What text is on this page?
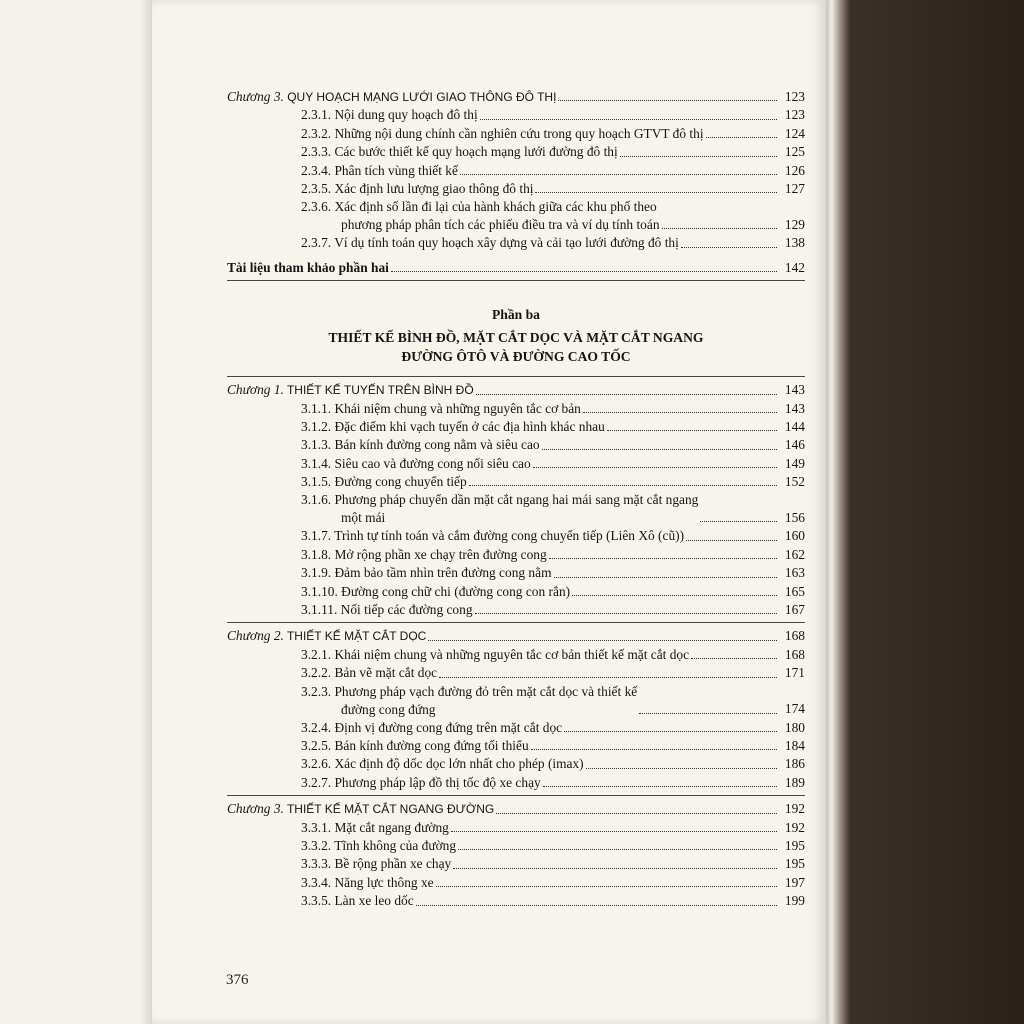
Chương 3. QUY HOẠCH MẠNG LƯỚI GIAO THÔNG ĐÔ THỊ	123
2.3.1. Nội dung quy hoạch đô thị	123
2.3.2. Những nội dung chính cần nghiên cứu trong quy hoạch GTVT đô thị	124
2.3.3. Các bước thiết kế quy hoạch mạng lưới đường đô thị	125
2.3.4. Phân tích vùng thiết kế	126
2.3.5. Xác định lưu lượng giao thông đô thị	127
2.3.6. Xác định số lần đi lại của hành khách giữa các khu phố theo
phương pháp phân tích các phiếu điều tra và ví dụ tính toán	129
2.3.7. Ví dụ tính toán quy hoạch xây dựng và cải tạo lưới đường đô thị	138
Tài liệu tham khảo phần hai	142
Phần ba
THIẾT KẾ BÌNH ĐỒ, MẶT CẮT DỌC VÀ MẶT CẮT NGANG
ĐƯỜNG ÔTÔ VÀ ĐƯỜNG CAO TỐC
Chương 1. THIẾT KẾ TUYẾN TRÊN BÌNH ĐỒ	143
3.1.1. Khái niệm chung và những nguyên tắc cơ bản	143
3.1.2. Đặc điểm khi vạch tuyến ở các địa hình khác nhau	144
3.1.3. Bán kính đường cong nằm và siêu cao	146
3.1.4. Siêu cao và đường cong nối siêu cao	149
3.1.5. Đường cong chuyển tiếp	152
3.1.6. Phương pháp chuyển dần mặt cắt ngang hai mái sang mặt cắt ngang
một mái	156
3.1.7. Trình tự tính toán và cắm đường cong chuyển tiếp (Liên Xô (cũ))	160
3.1.8. Mở rộng phần xe chạy trên đường cong	162
3.1.9. Đảm bảo tầm nhìn trên đường cong nằm	163
3.1.10. Đường cong chữ chi (đường cong con rắn)	165
3.1.11. Nối tiếp các đường cong	167
Chương 2. THIẾT KẾ MẶT CẮT DỌC	168
3.2.1. Khái niệm chung và những nguyên tắc cơ bản thiết kế mặt cắt dọc	168
3.2.2. Bản vẽ mặt cắt dọc	171
3.2.3. Phương pháp vạch đường đỏ trên mặt cắt dọc và thiết kế
đường cong đứng	174
3.2.4. Định vị đường cong đứng trên mặt cắt dọc	180
3.2.5. Bán kính đường cong đứng tối thiểu	184
3.2.6. Xác định độ dốc dọc lớn nhất cho phép (imax)	186
3.2.7. Phương pháp lập đồ thị tốc độ xe chạy	189
Chương 3. THIẾT KẾ MẶT CẮT NGANG ĐƯỜNG	192
3.3.1. Mặt cắt ngang đường	192
3.3.2. Tĩnh không của đường	195
3.3.3. Bề rộng phần xe chạy	195
3.3.4. Năng lực thông xe	197
3.3.5. Làn xe leo dốc	199
376
